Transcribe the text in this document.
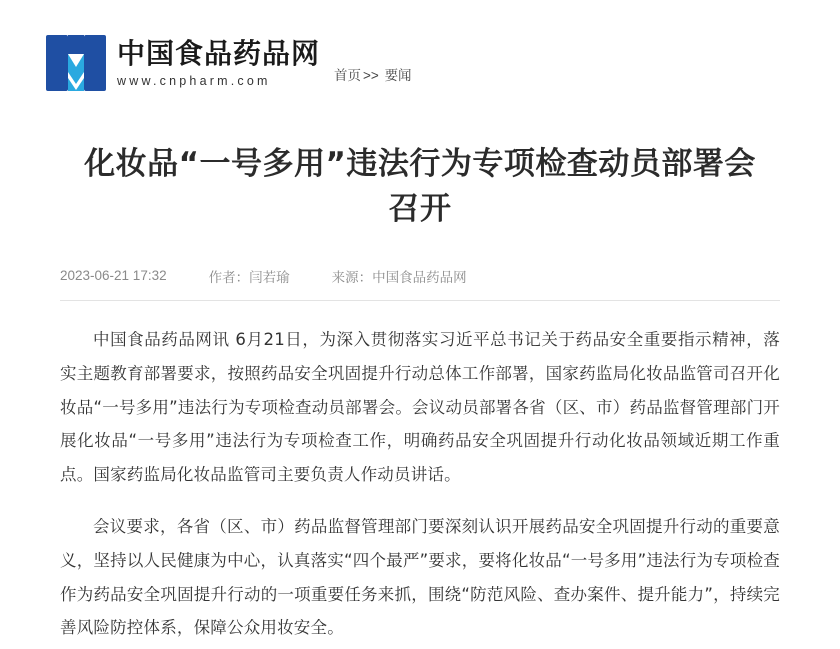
中国食品药品网
www.cnpharm.com	首页 >> 要闻
化妆品“一号多用”违法行为专项检查动员部署会召开
2023-06-21 17:32	作者：闫若瑜	来源：中国食品药品网

中国食品药品网讯 6月21日，为深入贯彻落实习近平总书记关于药品安全重要指示精神，落实主题教育部署要求，按照药品安全巩固提升行动总体工作部署，国家药监局化妆品监管司召开化妆品“一号多用”违法行为专项检查动员部署会。会议动员部署各省（区、市）药品监督管理部门开展化妆品“一号多用”违法行为专项检查工作，明确药品安全巩固提升行动化妆品领域近期工作重点。国家药监局化妆品监管司主要负责人作动员讲话。

会议要求，各省（区、市）药品监督管理部门要深刻认识开展药品安全巩固提升行动的重要意义，坚持以人民健康为中心，认真落实“四个最严”要求，要将化妆品“一号多用”违法行为专项检查作为药品安全巩固提升行动的一项重要任务来抓，围绕“防范风险、查办案件、提升能力”，持续完善风险防控体系，保障公众用妆安全。
